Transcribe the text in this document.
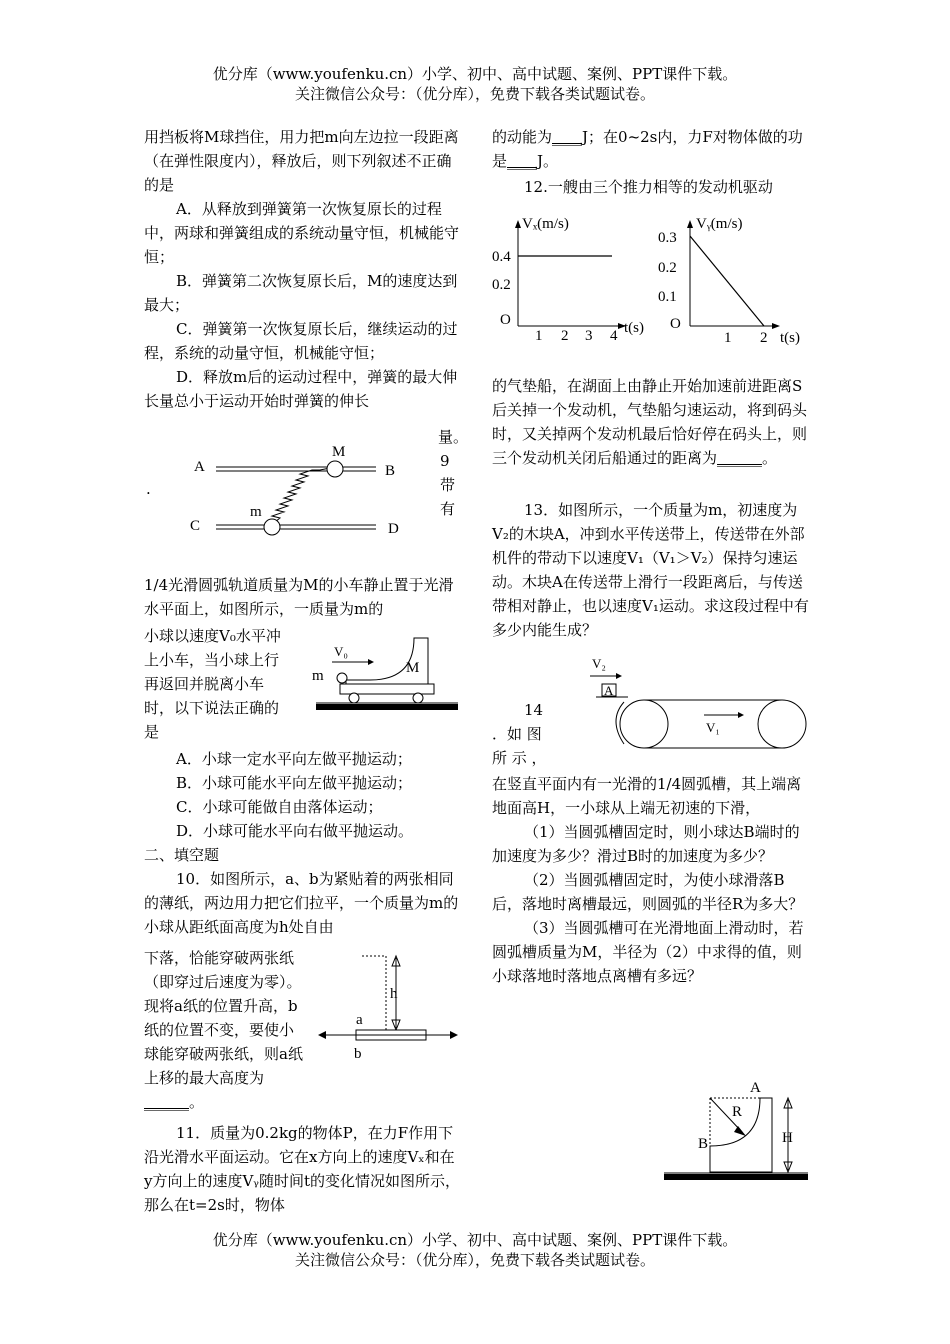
优分库（www.youfenku.cn）小学、初中、高中试题、案例、PPT课件下载。
关注微信公众号：（优分库），免费下载各类试题试卷。

用挡板将M球挡住，用力把m向左边拉一段距离（在弹性限度内），释放后，则下列叙述不正确的是

A．从释放到弹簧第一次恢复原长的过程中，两球和弹簧组成的系统动量守恒，机械能守恒；

B．弹簧第二次恢复原长后，M的速度达到最大；

C．弹簧第一次恢复原长后，继续运动的过程，系统的动量守恒，机械能守恒；

D．释放m后的运动过程中，弹簧的最大伸长量总小于运动开始时弹簧的伸长

量。
9
带
有
.
A	B
M
C	D
m
1/4光滑圆弧轨道质量为M的小车静止置于光滑水平面上，如图所示，一质量为m的
小球以速度V₀水平冲上小车，当小球上行再返回并脱离小车时，以下说法正确的是
V₀
M
m

A．小球一定水平向左做平抛运动；

B．小球可能水平向左做平抛运动；

C．小球可能做自由落体运动；

D．小球可能水平向右做平抛运动。

二、填空题

10．如图所示，a、b为紧贴着的两张相同的薄纸，两边用力把它们拉平，一个质量为m的小球从距纸面高度为h处自由

下落，恰能穿破两张纸（即穿过后速度为零）。现将a纸的位置升高，b纸的位置不变，要使小球能穿破两张纸，则a纸上移的最大高度为______。
h
a
b
11．质量为0.2kg的物体P，在力F作用下沿光滑水平面运动。它在x方向上的速度Vₓ和在y方向上的速度Vᵧ随时间t的变化情况如图所示，那么在t=2s时，物体
的动能为____J；在0~2s内，力F对物体做的功是____J。
12.一艘由三个推力相等的发动机驱动
Vₓ(m/s)
t(s)
O
0.4
0.2
1 2 3 4
Vᵧ(m/s)
t(s)
O
0.3
0.2
0.1
1 2
的气垫船，在湖面上由静止开始加速前进距离S后关掉一个发动机，气垫船匀速运动，将到码头时，又关掉两个发动机最后恰好停在码头上，则三个发动机关闭后船通过的距离为______。
13．如图所示，一个质量为m，初速度为V₂的木块A，冲到水平传送带上，传送带在外部机件的带动下以速度V₁（V₁＞V₂）保持匀速运动。木块A在传送带上滑行一段距离后，与传送带相对静止，也以速度V₁运动。求这段过程中有多少内能生成？
V₂
A
V₁
14
．如 图
所 示 ，

在竖直平面内有一光滑的1/4圆弧槽，其上端离地面高H，一小球从上端无初速的下滑，

（1）当圆弧槽固定时，则小球达B端时的加速度为多少？滑过B时的加速度为多少？

（2）当圆弧槽固定时，为使小球滑落B后，落地时离槽最远，则圆弧的半径R为多大？

（3）当圆弧槽可在光滑地面上滑动时，若圆弧槽质量为M，半径为（2）中求得的值，则小球落地时落地点离槽有多远？

A
R
B	H
优分库（www.youfenku.cn）小学、初中、高中试题、案例、PPT课件下载。
关注微信公众号：（优分库），免费下载各类试题试卷。
